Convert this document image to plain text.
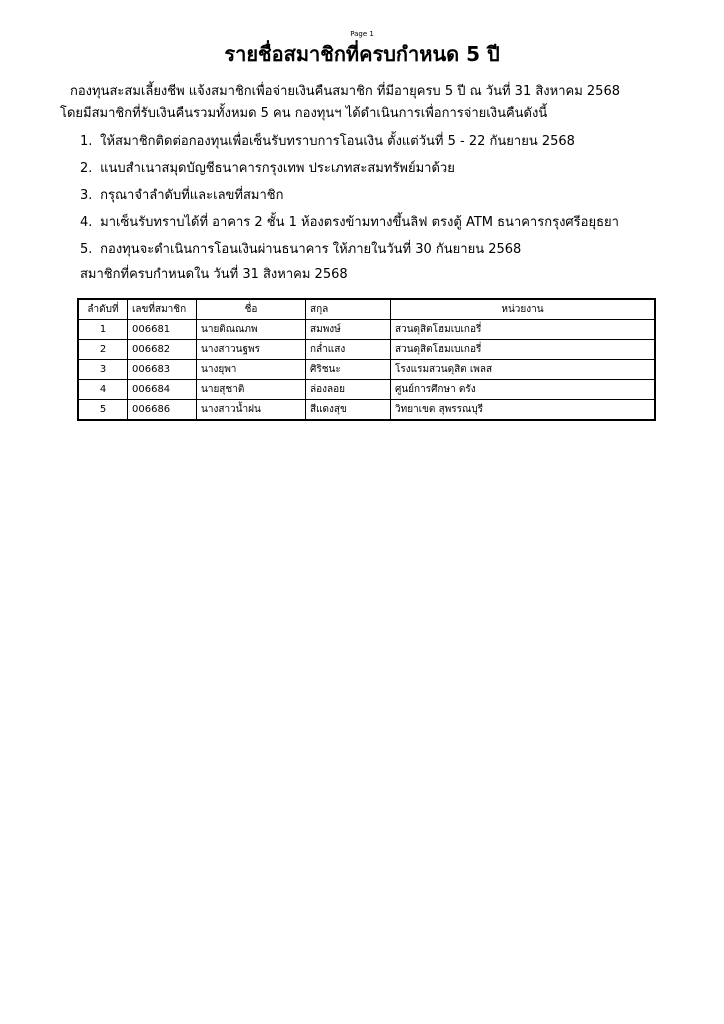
Page 1
รายชื่อสมาชิกที่ครบกำหนด 5 ปี
กองทุนสะสมเลี้ยงชีพ แจ้งสมาชิกเพื่อจ่ายเงินคืนสมาชิก ที่มีอายุครบ 5 ปี ณ วันที่ 31 สิงหาคม 2568
โดยมีสมาชิกที่รับเงินคืนรวมทั้งหมด 5 คน กองทุนฯ ได้ดำเนินการเพื่อการจ่ายเงินคืนดังนี้
1. ให้สมาชิกติดต่อกองทุนเพื่อเซ็นรับทราบการโอนเงิน ตั้งแต่วันที่ 5 - 22 กันยายน 2568
2. แนบสำเนาสมุดบัญชีธนาคารกรุงเทพ ประเภทสะสมทรัพย์มาด้วย
3. กรุณาจำลำดับที่และเลขที่สมาชิก
4. มาเซ็นรับทราบได้ที่ อาคาร 2 ชั้น 1 ห้องตรงข้ามทางขึ้นลิฟ ตรงตู้ ATM ธนาคารกรุงศรีอยุธยา
5. กองทุนจะดำเนินการโอนเงินผ่านธนาคาร ให้ภายในวันที่ 30 กันยายน 2568
สมาชิกที่ครบกำหนดใน วันที่ 31 สิงหาคม 2568
ลำดับที่	เลขที่สมาชิก	ชื่อ	สกุล	หน่วยงาน
1	006681	นายติณณภพ	สมพงษ์	สวนดุสิตโฮมเบเกอรี่
2	006682	นางสาวนฐพร	กล่ำแสง	สวนดุสิตโฮมเบเกอรี่
3	006683	นางยุพา	ศิริชนะ	โรงแรมสวนดุสิต เพลส
4	006684	นายสุชาติ	ล่องลอย	ศูนย์การศึกษา ตรัง
5	006686	นางสาวน้ำฝน	สีแดงสุข	วิทยาเขต สุพรรณบุรี
